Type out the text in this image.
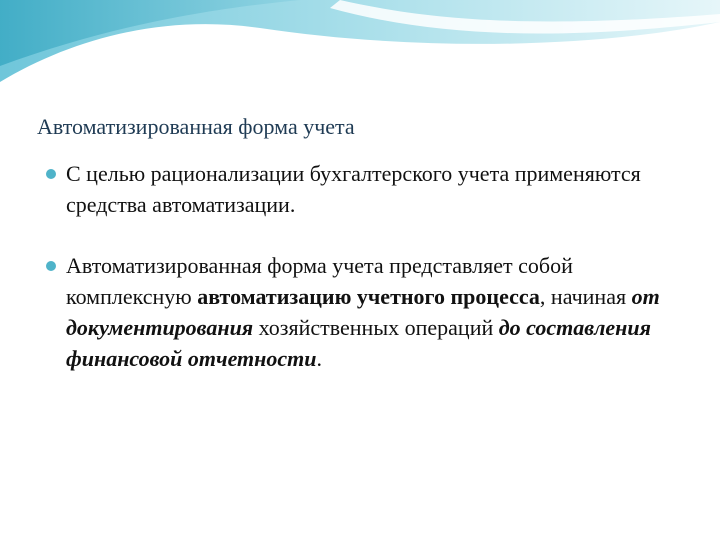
Автоматизированная форма учета
С целью рационализации бухгалтерского учета применяются средства автоматизации.
Автоматизированная форма учета представляет собой комплексную автоматизацию учетного процесса, начиная от документирования хозяйственных операций до составления финансовой отчетности.
